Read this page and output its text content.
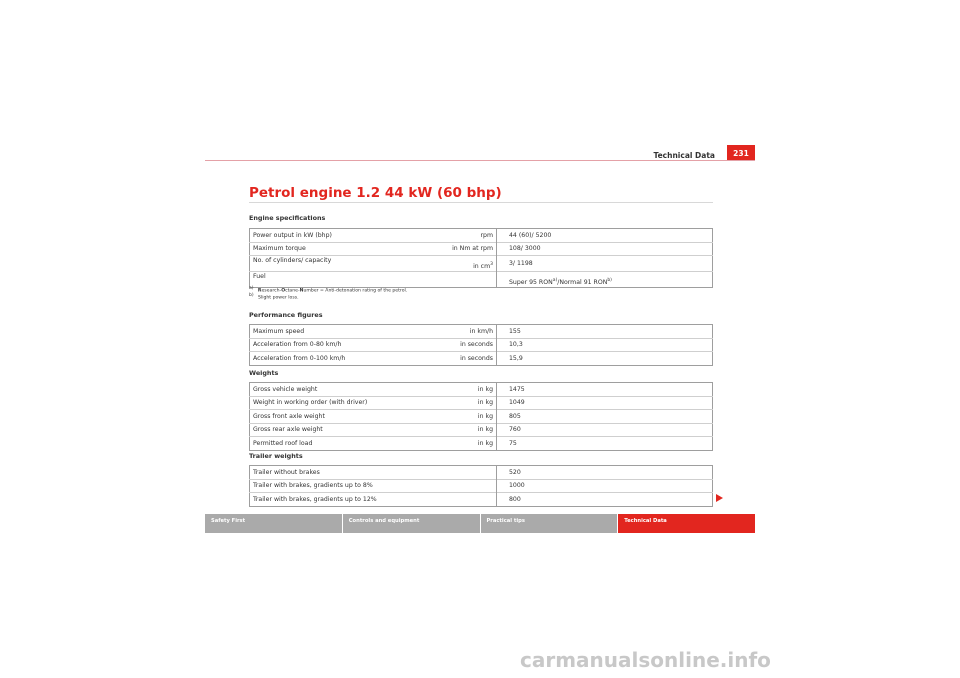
Technical Data	231
Petrol engine 1.2 44 kW (60 bhp)
Engine specifications
Power output in kW (bhp)	rpm	44 (60)/ 5200
Maximum torque	in Nm at rpm	108/ 3000
No. of cylinders/ capacity	in $cm^3$	3/ 1198
Fuel		Super 95 RON$^{a)}$/Normal 91 RON$^{b)}$
$^{a)}$   Research-Octane-Number = Anti-detonation rating of the petrol.
$^{b)}$   Slight power loss.
Performance figures
Maximum speed	in km/h	155
Acceleration from 0-80 km/h	in seconds	10,3
Acceleration from 0-100 km/h	in seconds	15,9
Weights
Gross vehicle weight	in kg	1475
Weight in working order (with driver)	in kg	1049
Gross front axle weight	in kg	805
Gross rear axle weight	in kg	760
Permitted roof load	in kg	75
Trailer weights
Trailer without brakes		520
Trailer with brakes, gradients up to 8%		1000
Trailer with brakes, gradients up to 12%		800
Safety First	Controls and equipment	Practical tips	Technical Data
carmanualsonline.info
